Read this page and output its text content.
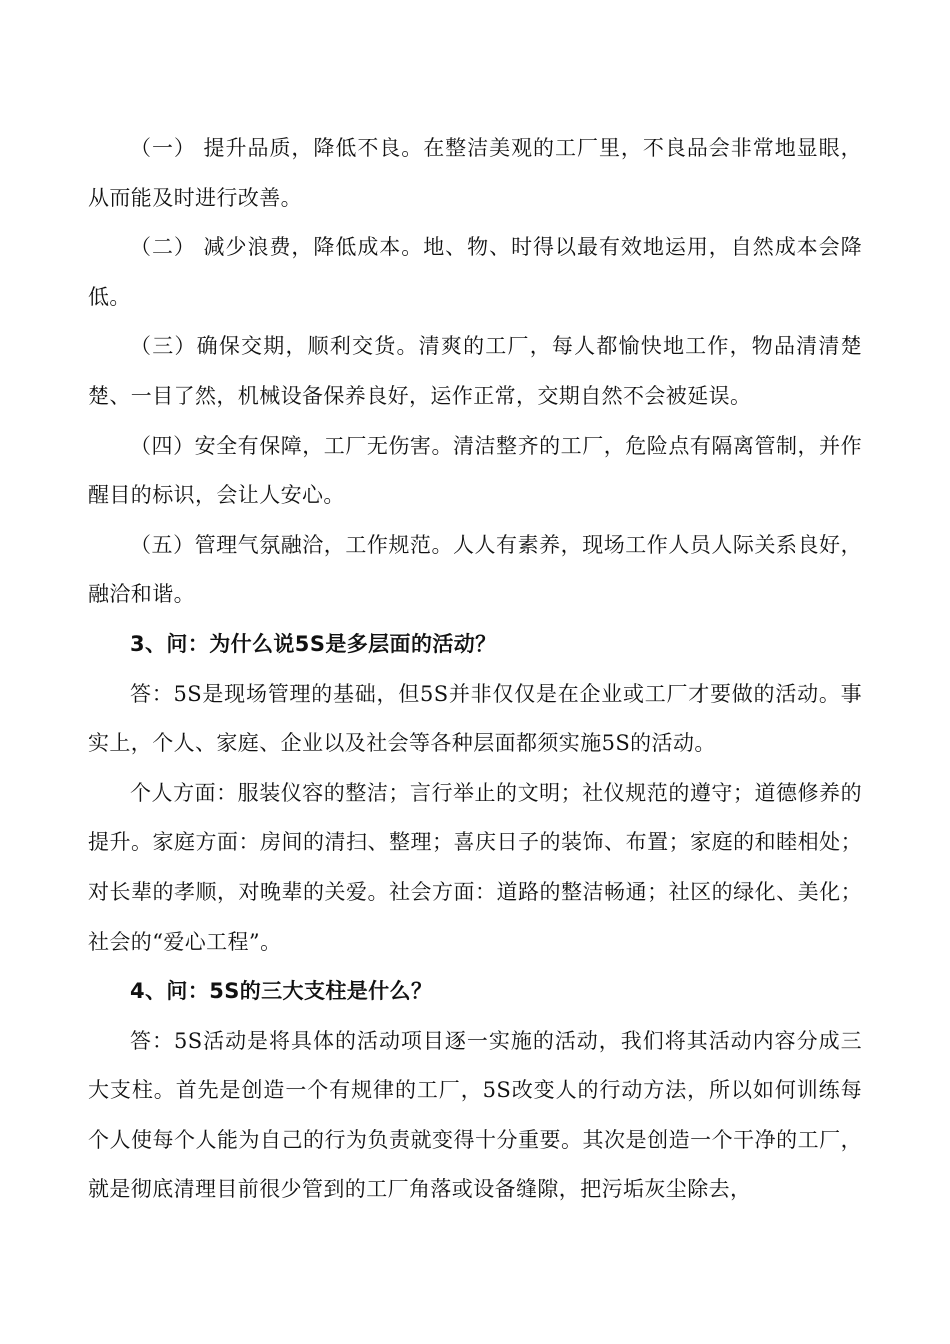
（一） 提升品质，降低不良。在整洁美观的工厂里，不良品会非常地显眼，从而能及时进行改善。

（二） 减少浪费，降低成本。地、物、时得以最有效地运用，自然成本会降低。

（三）确保交期，顺利交货。清爽的工厂，每人都愉快地工作，物品清清楚楚、一目了然，机械设备保养良好，运作正常，交期自然不会被延误。

（四）安全有保障，工厂无伤害。清洁整齐的工厂，危险点有隔离管制，并作醒目的标识，会让人安心。

（五）管理气氛融洽，工作规范。人人有素养，现场工作人员人际关系良好，融洽和谐。

3、问：为什么说5S是多层面的活动？

答：5S是现场管理的基础，但5S并非仅仅是在企业或工厂才要做的活动。事实上，个人、家庭、企业以及社会等各种层面都须实施5S的活动。

个人方面：服装仪容的整洁；言行举止的文明；社仪规范的遵守；道德修养的提升。家庭方面：房间的清扫、整理；喜庆日子的装饰、布置；家庭的和睦相处；对长辈的孝顺，对晚辈的关爱。社会方面：道路的整洁畅通；社区的绿化、美化；社会的“爱心工程”。

4、问：5S的三大支柱是什么？

答：5S活动是将具体的活动项目逐一实施的活动，我们将其活动内容分成三大支柱。首先是创造一个有规律的工厂，5S改变人的行动方法，所以如何训练每个人使每个人能为自己的行为负责就变得十分重要。其次是创造一个干净的工厂，就是彻底清理目前很少管到的工厂角落或设备缝隙，把污垢灰尘除去，
